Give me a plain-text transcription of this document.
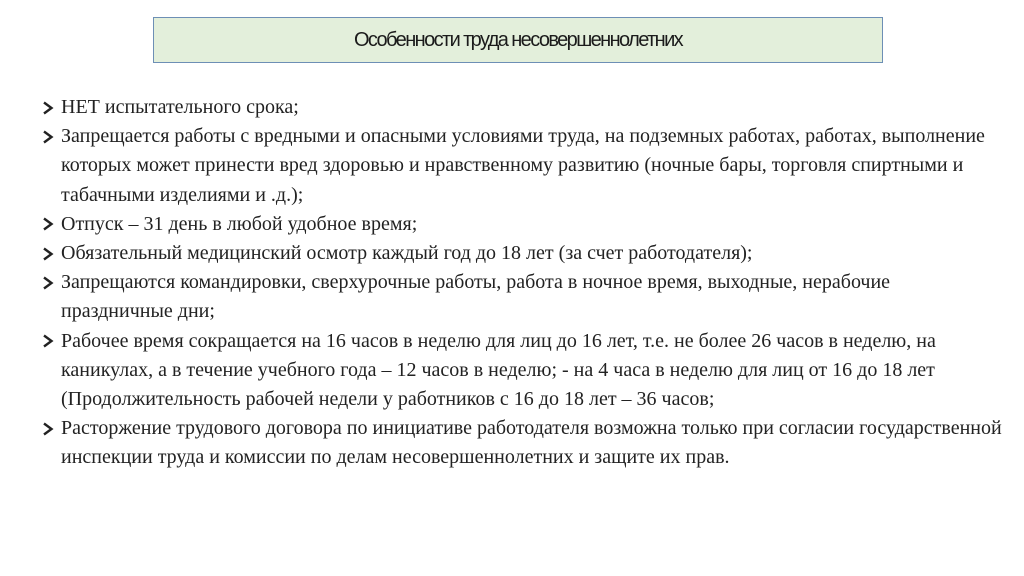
Особенности труда несовершеннолетних
НЕТ испытательного срока;
Запрещается работы с вредными и опасными условиями труда, на подземных работах, работах, выполнение которых может принести вред здоровью и нравственному развитию (ночные бары, торговля спиртными и табачными изделиями и .д.);
Отпуск – 31 день в любой удобное время;
Обязательный медицинский осмотр каждый год до 18 лет (за счет работодателя);
Запрещаются командировки, сверхурочные работы, работа в ночное время, выходные, нерабочие праздничные дни;
Рабочее время сокращается на 16 часов в неделю для лиц до 16 лет, т.е. не более 26 часов в неделю, на каникулах, а в течение учебного года – 12 часов в неделю; - на 4 часа в неделю для лиц от 16 до 18 лет (Продолжительность рабочей недели у работников с 16 до 18 лет – 36 часов;
Расторжение трудового договора по инициативе работодателя возможна только при согласии государственной инспекции труда и комиссии по делам несовершеннолетних и защите их прав.
